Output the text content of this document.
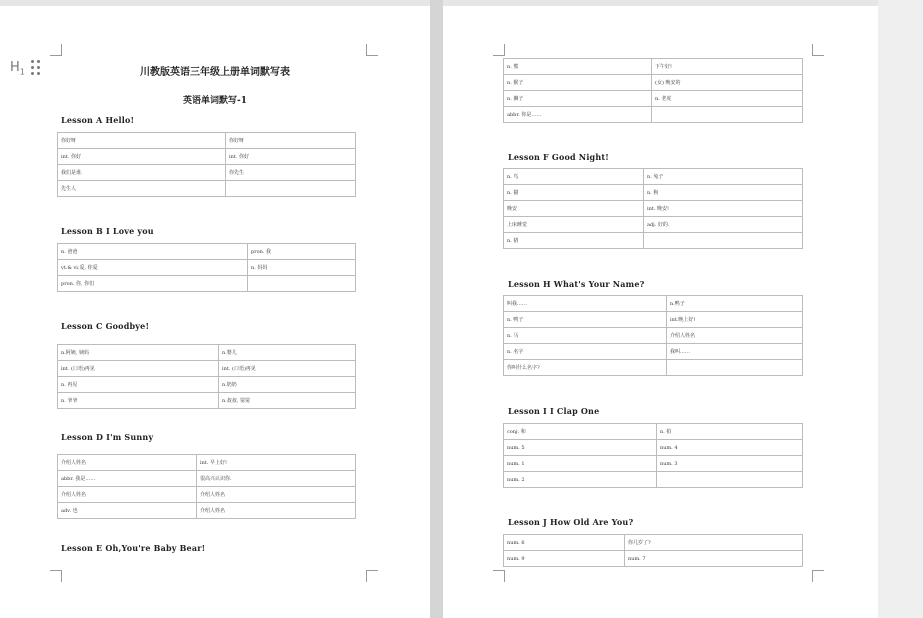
川教版英语三年级上册单词默写表
英语单词默写-1
Lesson A Hello!
你好呀	你好呀
int. 你好	int. 你好
我们是谁.	你先生
先生人	
Lesson B I Love you
n. 爸爸	pron. 我
vt.& vi.爱, 你爱	n. 妈妈
pron. 你, 你们	
Lesson C Goodbye!
n.阿姨, 姨妈	n.婴儿
int. (口语)再见	int. (口语)再见
n. 再见	n.奶奶
n. 爷爷	n.叔叔, 舅舅
Lesson D I'm Sunny
介绍人姓名	int. 早上好!
abbr. 我是……	很高兴认识你.
介绍人姓名	介绍人姓名
adv. 也	介绍人姓名
Lesson E Oh,You're Baby Bear!
$H_1$
n. 熊	下午好!
n. 猴子	(女) 晚安的
n. 狮子	n. 老虎
abbr. 你是……	
Lesson F Good Night!
n. 鸟	n. 兔子
n. 猫	n. 狗
晚安	int. 晚安!
上床睡觉	adj. 好的.
n. 猪	
Lesson H What's Your Name?
叫我……	n.鸭子
n. 鸭子	int.晚上好!
n. 马	介绍人姓名
n. 名字	我叫……
你叫什么名字?	
Lesson I I Clap One
conj. 和	n. 拍
num. 5	num. 4
num. 1	num. 3
num. 2	
Lesson J How Old Are You?
num. 6	你几岁了?
num. 9	num. 7
